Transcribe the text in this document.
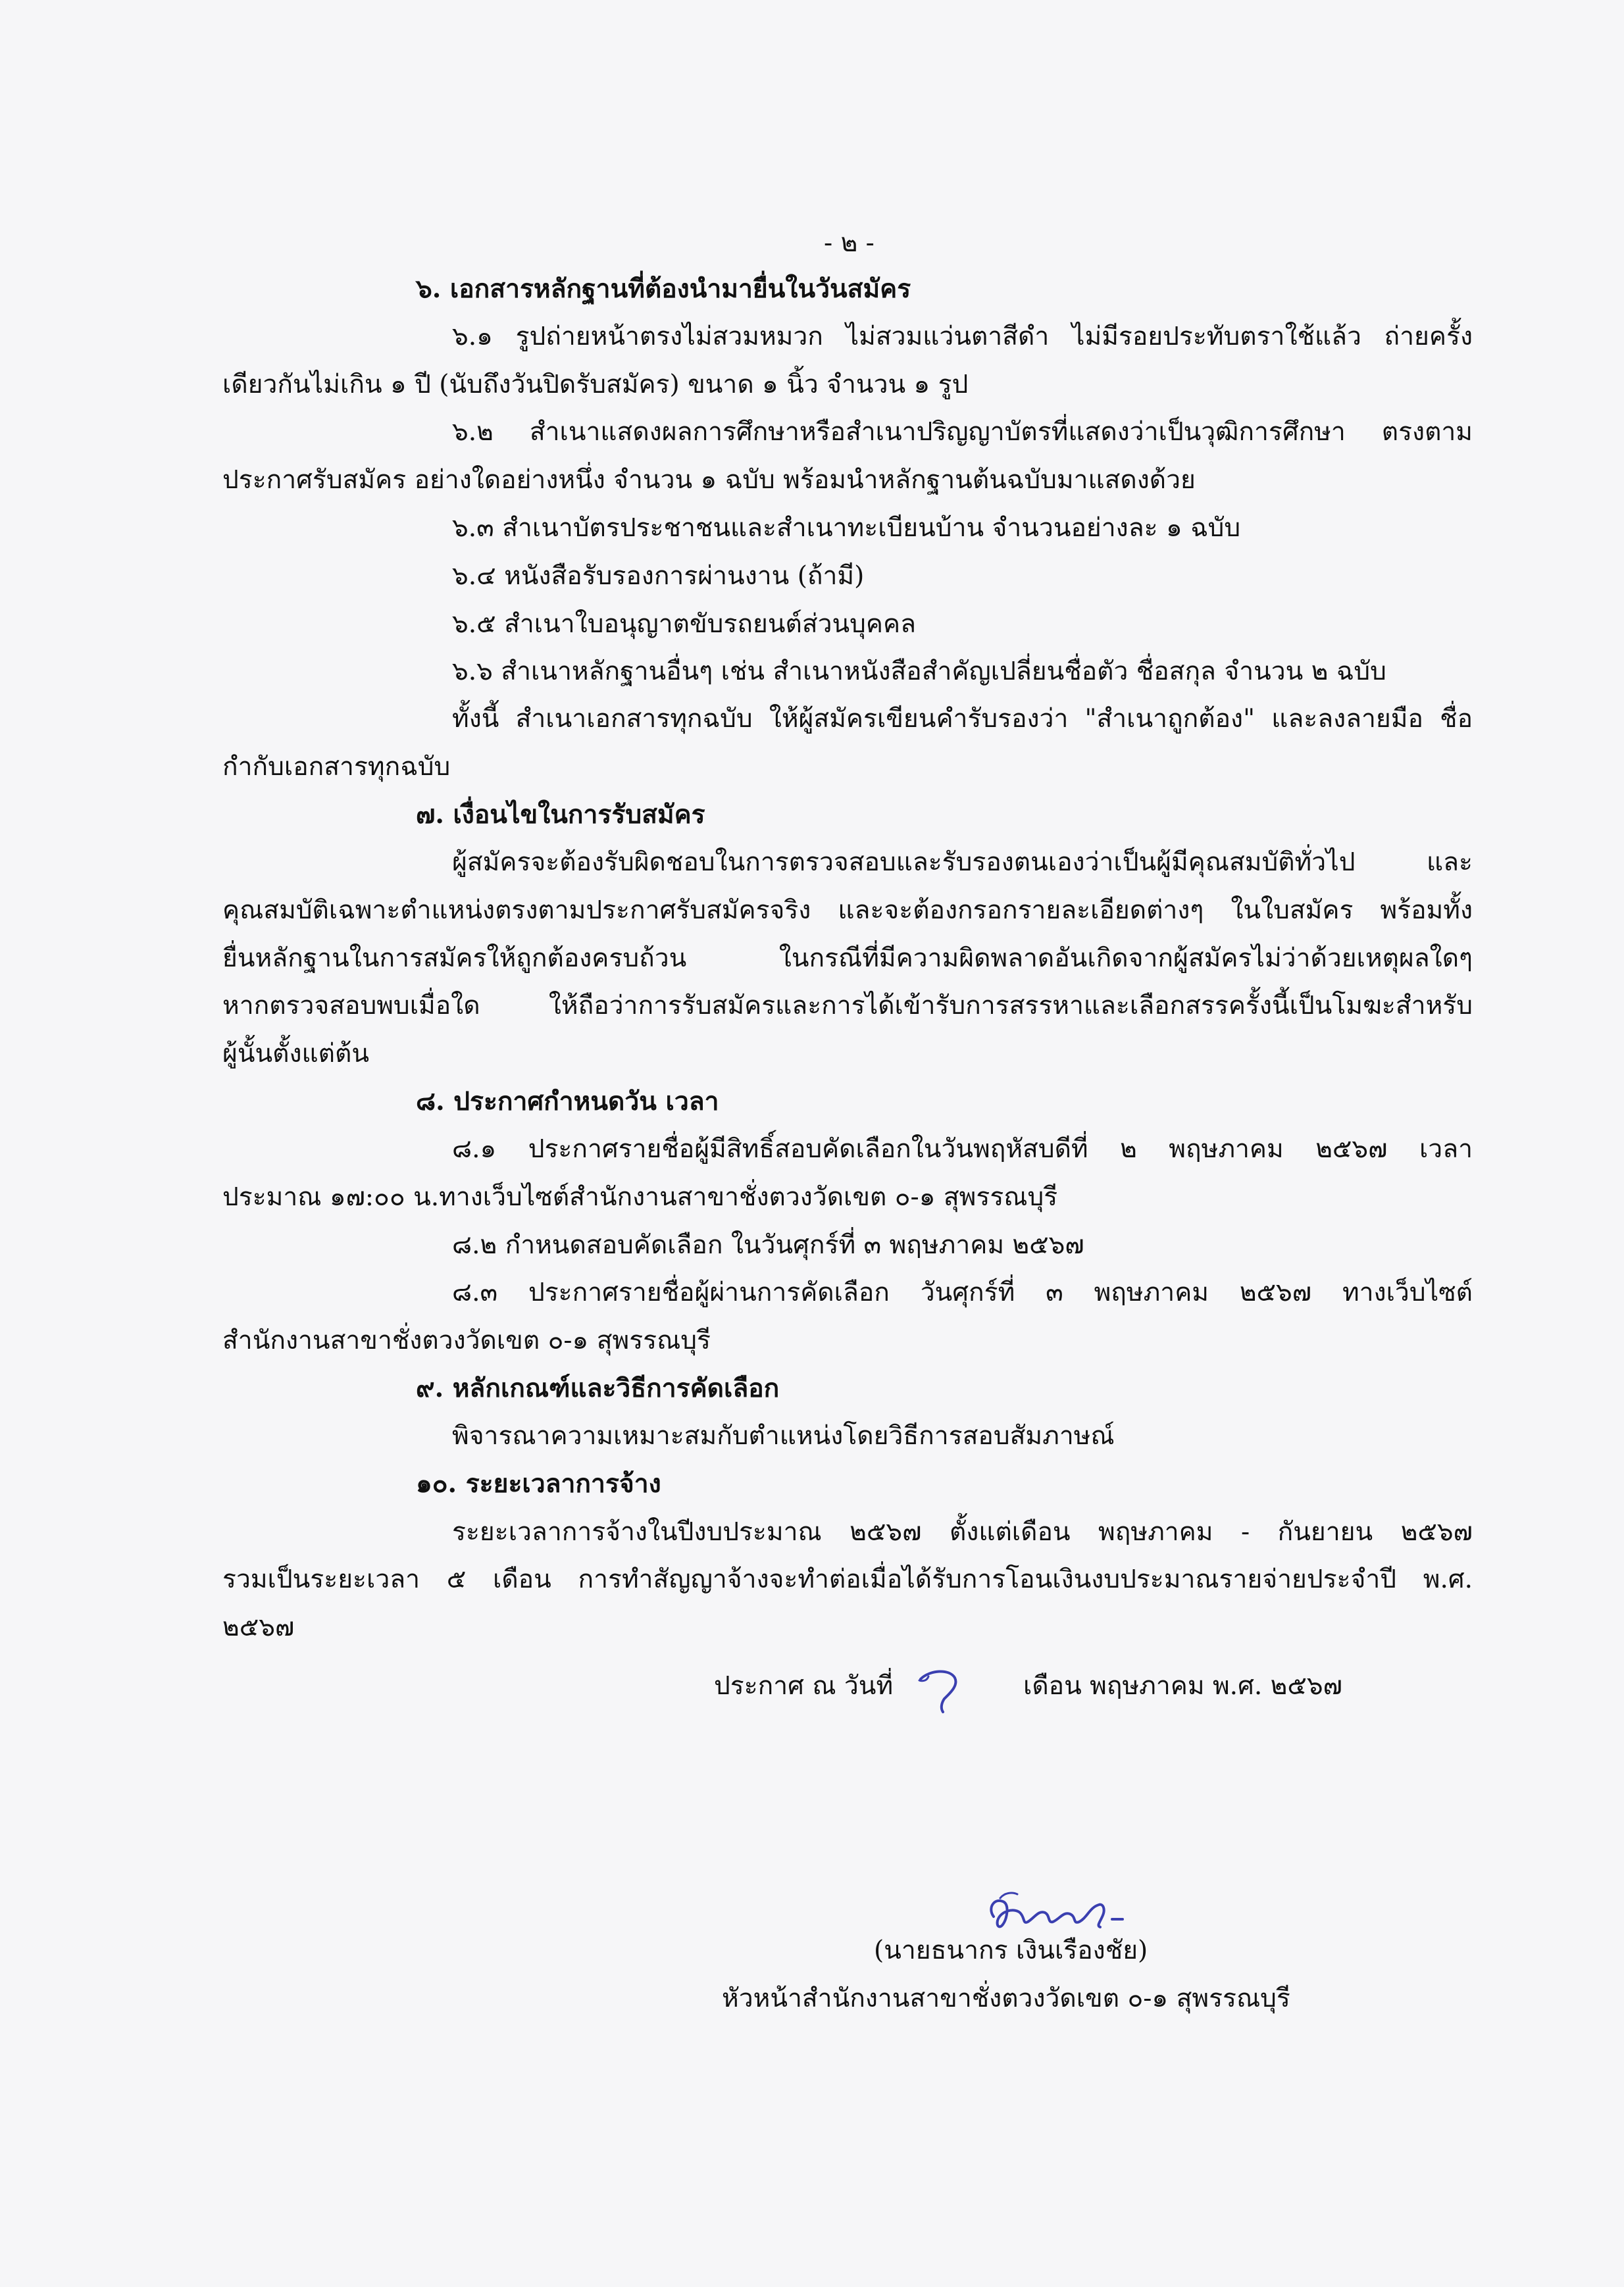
- ๒ -
๖. เอกสารหลักฐานที่ต้องนำมายื่นในวันสมัคร
๖.๑ รูปถ่ายหน้าตรงไม่สวมหมวก ไม่สวมแว่นตาสีดำ ไม่มีรอยประทับตราใช้แล้ว ถ่ายครั้ง
เดียวกันไม่เกิน ๑ ปี (นับถึงวันปิดรับสมัคร) ขนาด ๑ นิ้ว จำนวน ๑ รูป
๖.๒ สำเนาแสดงผลการศึกษาหรือสำเนาปริญญาบัตรที่แสดงว่าเป็นวุฒิการศึกษา ตรงตาม
ประกาศรับสมัคร อย่างใดอย่างหนึ่ง จำนวน ๑ ฉบับ พร้อมนำหลักฐานต้นฉบับมาแสดงด้วย
๖.๓ สำเนาบัตรประชาชนและสำเนาทะเบียนบ้าน จำนวนอย่างละ ๑ ฉบับ
๖.๔ หนังสือรับรองการผ่านงาน (ถ้ามี)
๖.๕ สำเนาใบอนุญาตขับรถยนต์ส่วนบุคคล
๖.๖ สำเนาหลักฐานอื่นๆ เช่น สำเนาหนังสือสำคัญเปลี่ยนชื่อตัว ชื่อสกุล จำนวน ๒ ฉบับ
ทั้งนี้ สำเนาเอกสารทุกฉบับ ให้ผู้สมัครเขียนคำรับรองว่า "สำเนาถูกต้อง" และลงลายมือ ชื่อ
กำกับเอกสารทุกฉบับ
๗. เงื่อนไขในการรับสมัคร
ผู้สมัครจะต้องรับผิดชอบในการตรวจสอบและรับรองตนเองว่าเป็นผู้มีคุณสมบัติทั่วไป และ
คุณสมบัติเฉพาะตำแหน่งตรงตามประกาศรับสมัครจริง และจะต้องกรอกรายละเอียดต่างๆ ในใบสมัคร พร้อมทั้ง
ยื่นหลักฐานในการสมัครให้ถูกต้องครบถ้วน ในกรณีที่มีความผิดพลาดอันเกิดจากผู้สมัครไม่ว่าด้วยเหตุผลใดๆ
หากตรวจสอบพบเมื่อใด ให้ถือว่าการรับสมัครและการได้เข้ารับการสรรหาและเลือกสรรครั้งนี้เป็นโมฆะสำหรับ
ผู้นั้นตั้งแต่ต้น
๘. ประกาศกำหนดวัน เวลา
๘.๑ ประกาศรายชื่อผู้มีสิทธิ์สอบคัดเลือกในวันพฤหัสบดีที่ ๒ พฤษภาคม ๒๕๖๗ เวลา
ประมาณ ๑๗:๐๐ น.ทางเว็บไซต์สำนักงานสาขาชั่งตวงวัดเขต ๐-๑ สุพรรณบุรี
๘.๒ กำหนดสอบคัดเลือก ในวันศุกร์ที่ ๓ พฤษภาคม ๒๕๖๗
๘.๓ ประกาศรายชื่อผู้ผ่านการคัดเลือก วันศุกร์ที่ ๓ พฤษภาคม ๒๕๖๗ ทางเว็บไซต์
สำนักงานสาขาชั่งตวงวัดเขต ๐-๑ สุพรรณบุรี
๙. หลักเกณฑ์และวิธีการคัดเลือก
พิจารณาความเหมาะสมกับตำแหน่งโดยวิธีการสอบสัมภาษณ์
๑๐. ระยะเวลาการจ้าง
ระยะเวลาการจ้างในปีงบประมาณ ๒๕๖๗ ตั้งแต่เดือน พฤษภาคม - กันยายน ๒๕๖๗
รวมเป็นระยะเวลา ๕ เดือน การทำสัญญาจ้างจะทำต่อเมื่อได้รับการโอนเงินงบประมาณรายจ่ายประจำปี พ.ศ.
๒๕๖๗
ประกาศ ณ วันที่	เดือน พฤษภาคม พ.ศ. ๒๕๖๗
(นายธนากร เงินเรืองชัย)
หัวหน้าสำนักงานสาขาชั่งตวงวัดเขต ๐-๑ สุพรรณบุรี
